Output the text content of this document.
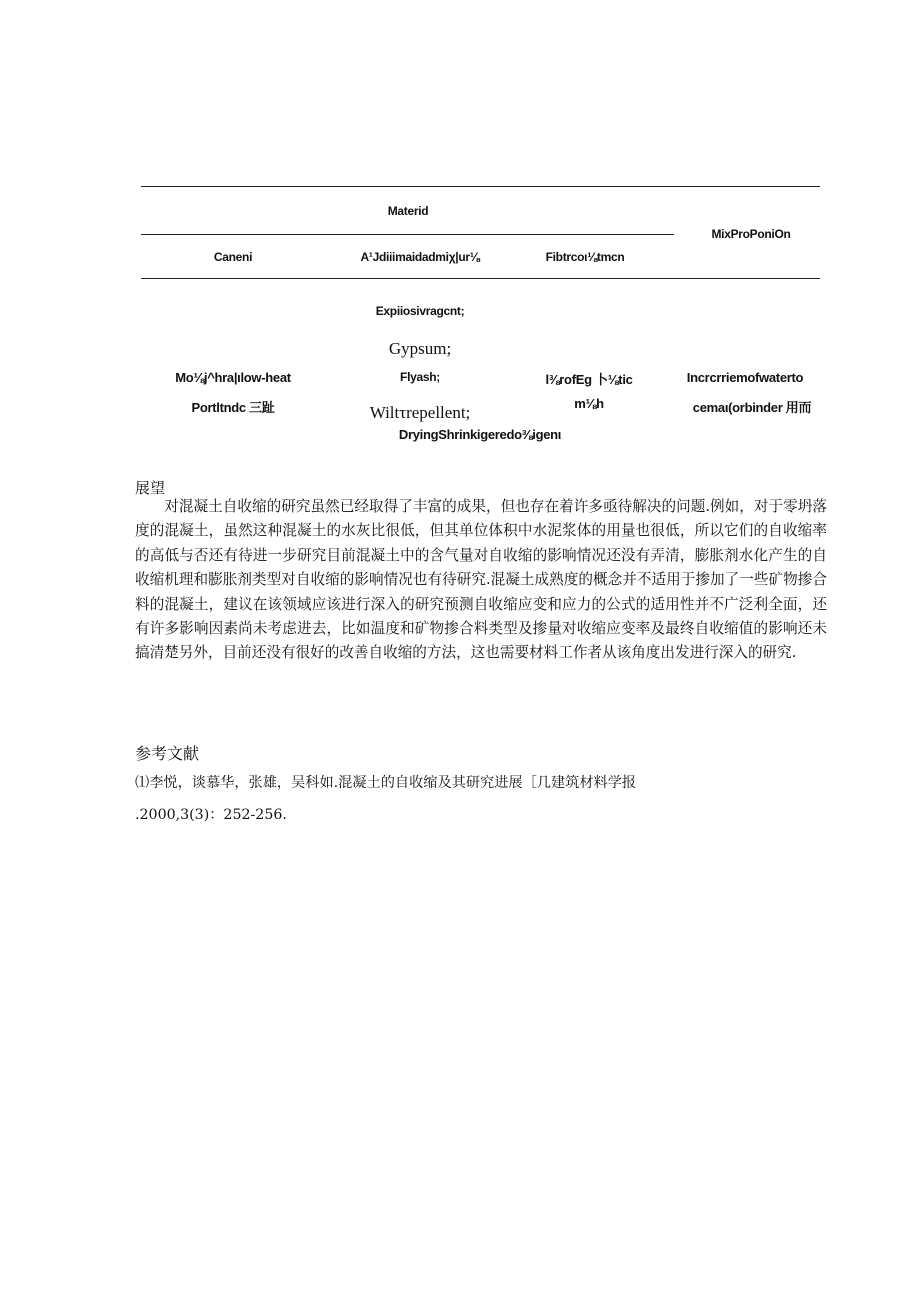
Materid
MixProPoniOn
Caneni	A¹Jdiiimaidadmiχ|ur⅛	Fibtrcoι⅛tmcn
Mo⅛j^hra|ιlow-heat
Portltndc 三趾
Expiiosivragcnt;
Gypsum;
Flyash;
Wiltτrepellent;
DryingShrinkigeredo⅜igenι
l⅜rofEg 卜⅛tic
m⅛h
Incrcrriemofwatertο
cemaι(orbinder 用而
展望
对混凝土自收缩的研究虽然已经取得了丰富的成果，但也存在着许多亟待解决的问题.例如，对于零坍落度的混凝土，虽然这种混凝土的水灰比很低，但其单位体积中水泥浆体的用量也很低，所以它们的自收缩率的高低与否还有待进一步研究目前混凝土中的含气量对自收缩的影响情况还没有弄清，膨胀剂水化产生的自收缩机理和膨胀剂类型对自收缩的影响情况也有待研究.混凝土成熟度的概念并不适用于掺加了一些矿物掺合料的混凝土，建议在该领域应该进行深入的研究预测自收缩应变和应力的公式的适用性并不广泛利全面，还有许多影响因素尚未考虑进去，比如温度和矿物掺合料类型及掺量对收缩应变率及最终自收缩值的影响还未搞清楚另外，目前还没有很好的改善自收缩的方法，这也需要材料工作者从该角度出发进行深入的研究.
参考文献
⑴李悦，谈慕华，张雄，吴科如.混凝土的自收缩及其研究进展［几建筑材料学报
.2000,3(3)：252-256.
